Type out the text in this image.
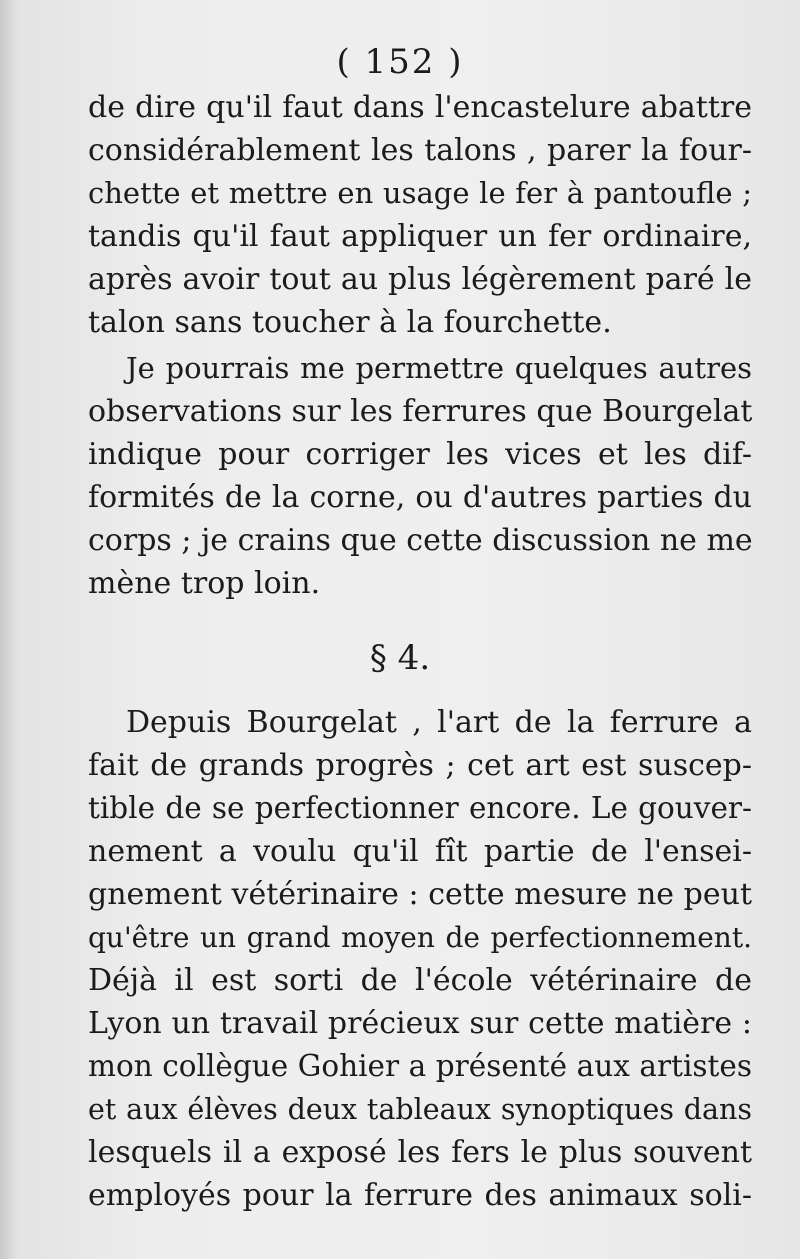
( 152 )
de dire qu'il faut dans l'encastelure abattre
considérablement les talons , parer la four-
chette et mettre en usage le fer à pantoufle ;
tandis qu'il faut appliquer un fer ordinaire,
après avoir tout au plus légèrement paré le
talon sans toucher à la fourchette.
Je pourrais me permettre quelques autres
observations sur les ferrures que Bourgelat
indique pour corriger les vices et les dif-
formités de la corne, ou d'autres parties du
corps ; je crains que cette discussion ne me
mène trop loin.
§ 4.
Depuis Bourgelat , l'art de la ferrure a
fait de grands progrès ; cet art est suscep-
tible de se perfectionner encore. Le gouver-
nement a voulu qu'il fît partie de l'ensei-
gnement vétérinaire : cette mesure ne peut
qu'être un grand moyen de perfectionnement.
Déjà il est sorti de l'école vétérinaire de
Lyon un travail précieux sur cette matière :
mon collègue Gohier a présenté aux artistes
et aux élèves deux tableaux synoptiques dans
lesquels il a exposé les fers le plus souvent
employés pour la ferrure des animaux soli-
